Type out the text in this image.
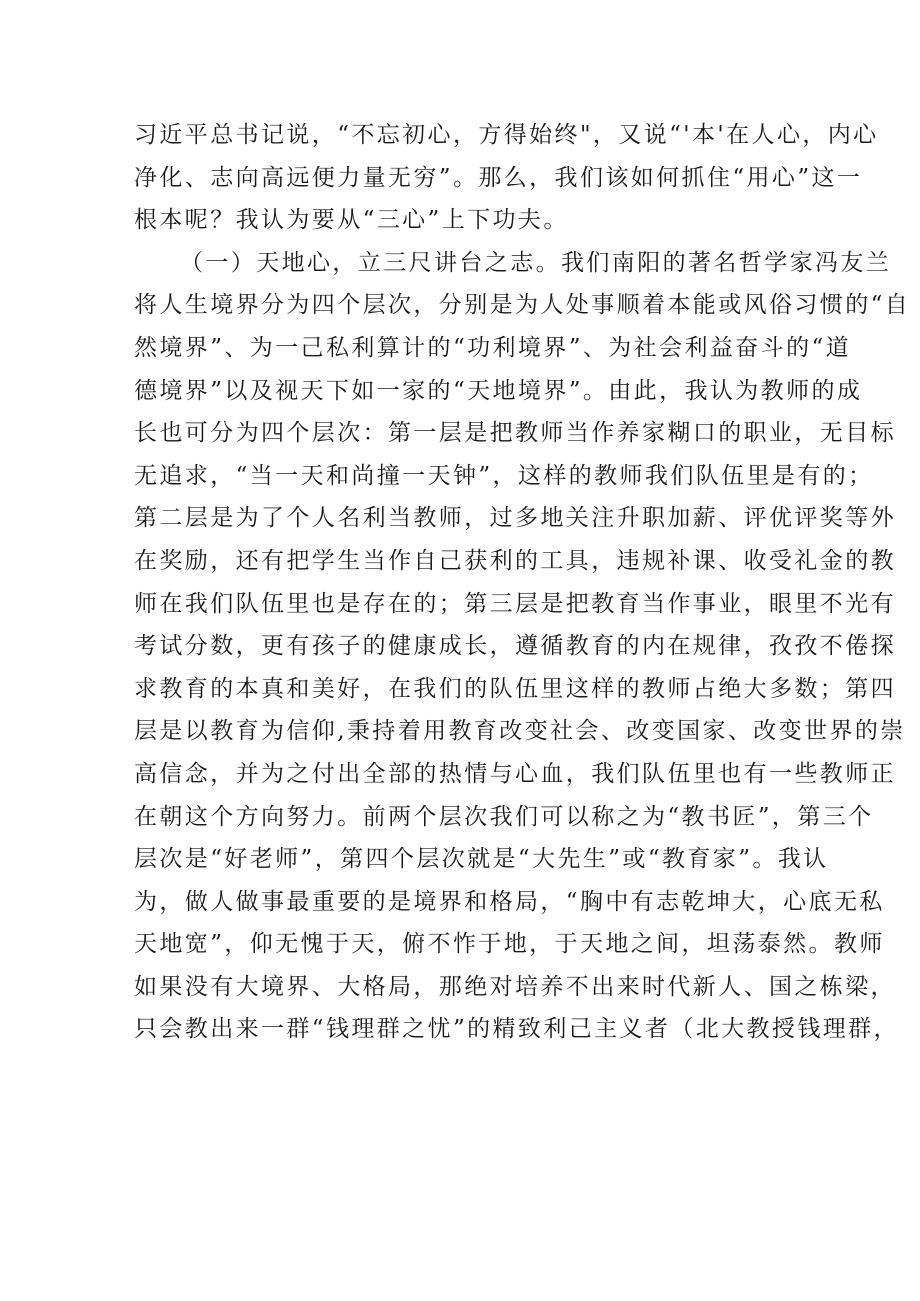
习近平总书记说，“不忘初心，方得始终"，又说“'本'在人心，内心
净化、志向高远便力量无穷”。那么，我们该如何抓住“用心”这一
根本呢？我认为要从“三心”上下功夫。
（一）天地心，立三尺讲台之志。我们南阳的著名哲学家冯友兰
将人生境界分为四个层次，分别是为人处事顺着本能或风俗习惯的“自
然境界”、为一己私利算计的“功利境界”、为社会利益奋斗的“道
德境界”以及视天下如一家的“天地境界”。由此，我认为教师的成
长也可分为四个层次：第一层是把教师当作养家糊口的职业，无目标
无追求，“当一天和尚撞一天钟”，这样的教师我们队伍里是有的；
第二层是为了个人名利当教师，过多地关注升职加薪、评优评奖等外
在奖励，还有把学生当作自己获利的工具，违规补课、收受礼金的教
师在我们队伍里也是存在的；第三层是把教育当作事业，眼里不光有
考试分数，更有孩子的健康成长，遵循教育的内在规律，孜孜不倦探
求教育的本真和美好，在我们的队伍里这样的教师占绝大多数；第四
层是以教育为信仰,秉持着用教育改变社会、改变国家、改变世界的崇
高信念，并为之付出全部的热情与心血，我们队伍里也有一些教师正
在朝这个方向努力。前两个层次我们可以称之为“教书匠”，第三个
层次是“好老师”，第四个层次就是“大先生”或“教育家”。我认
为，做人做事最重要的是境界和格局，“胸中有志乾坤大，心底无私
天地宽”，仰无愧于天，俯不怍于地，于天地之间，坦荡泰然。教师
如果没有大境界、大格局，那绝对培养不出来时代新人、国之栋梁，
只会教出来一群“钱理群之忧”的精致利己主义者（北大教授钱理群，
